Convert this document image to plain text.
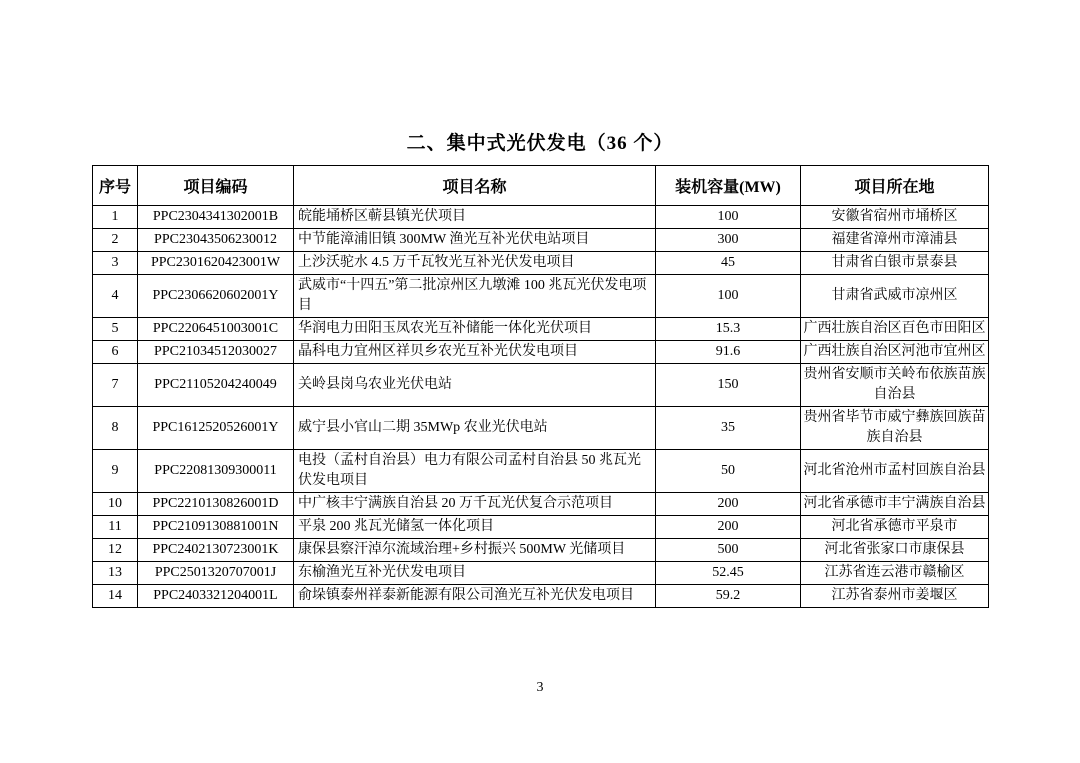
二、集中式光伏发电（36 个）
序号	项目编码	项目名称	装机容量(MW)	项目所在地
1	PPC2304341302001B	皖能埇桥区蕲县镇光伏项目	100	安徽省宿州市埇桥区
2	PPC23043506230012	中节能漳浦旧镇 300MW 渔光互补光伏电站项目	300	福建省漳州市漳浦县
3	PPC2301620423001W	上沙沃驼水 4.5 万千瓦牧光互补光伏发电项目	45	甘肃省白银市景泰县
4	PPC2306620602001Y	武威市“十四五”第二批凉州区九墩滩 100 兆瓦光伏发电项目	100	甘肃省武威市凉州区
5	PPC2206451003001C	华润电力田阳玉凤农光互补储能一体化光伏项目	15.3	广西壮族自治区百色市田阳区
6	PPC21034512030027	晶科电力宜州区祥贝乡农光互补光伏发电项目	91.6	广西壮族自治区河池市宜州区
7	PPC21105204240049	关岭县岗乌农业光伏电站	150	贵州省安顺市关岭布依族苗族自治县
8	PPC1612520526001Y	威宁县小官山二期 35MWp 农业光伏电站	35	贵州省毕节市威宁彝族回族苗族自治县
9	PPC22081309300011	电投（孟村自治县）电力有限公司孟村自治县 50 兆瓦光伏发电项目	50	河北省沧州市孟村回族自治县
10	PPC2210130826001D	中广核丰宁满族自治县 20 万千瓦光伏复合示范项目	200	河北省承德市丰宁满族自治县
11	PPC2109130881001N	平泉 200 兆瓦光储氢一体化项目	200	河北省承德市平泉市
12	PPC2402130723001K	康保县察汗淖尔流域治理+乡村振兴 500MW 光储项目	500	河北省张家口市康保县
13	PPC2501320707001J	东榆渔光互补光伏发电项目	52.45	江苏省连云港市赣榆区
14	PPC2403321204001L	俞垛镇泰州祥泰新能源有限公司渔光互补光伏发电项目	59.2	江苏省泰州市姜堰区
3
